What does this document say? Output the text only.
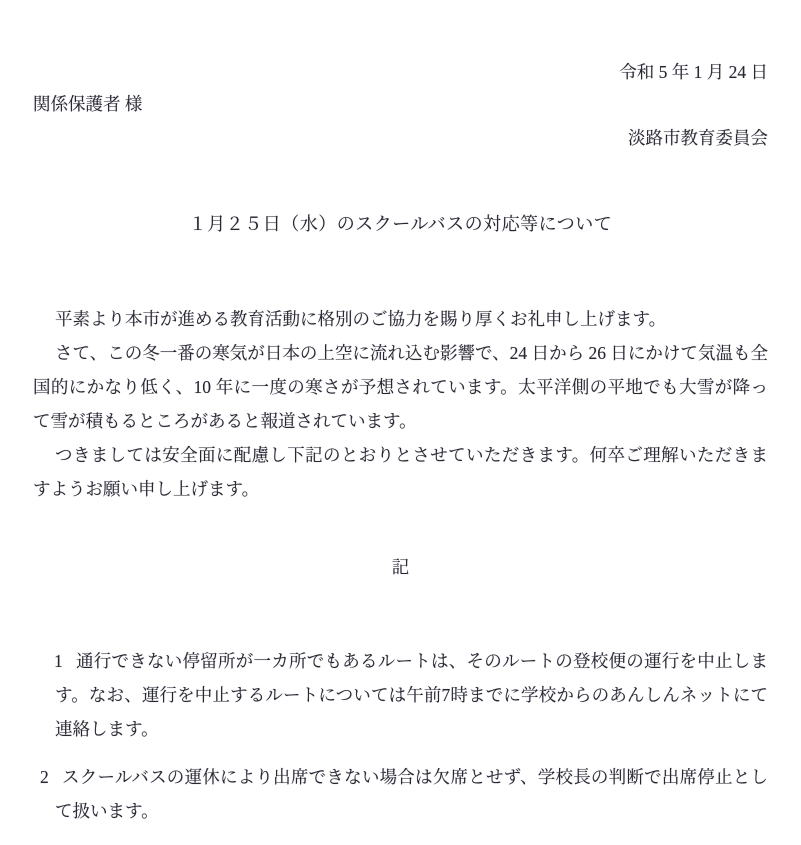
令和 5 年 1 月 24 日
関係保護者 様
淡路市教育委員会
１月２５日（水）のスクールバスの対応等について

平素より本市が進める教育活動に格別のご協力を賜り厚くお礼申し上げます。

さて、この冬一番の寒気が日本の上空に流れ込む影響で、24 日から 26 日にかけて気温も全国的にかなり低く、10 年に一度の寒さが予想されています。太平洋側の平地でも大雪が降って雪が積もるところがあると報道されています。

つきましては安全面に配慮し下記のとおりとさせていただきます。何卒ご理解いただきますようお願い申し上げます。

記
1 通行できない停留所が一カ所でもあるルートは、そのルートの登校便の運行を中止します。なお、運行を中止するルートについては午前7時までに学校からのあんしんネットにて連絡します。
2 スクールバスの運休により出席できない場合は欠席とせず、学校長の判断で出席停止として扱います。
